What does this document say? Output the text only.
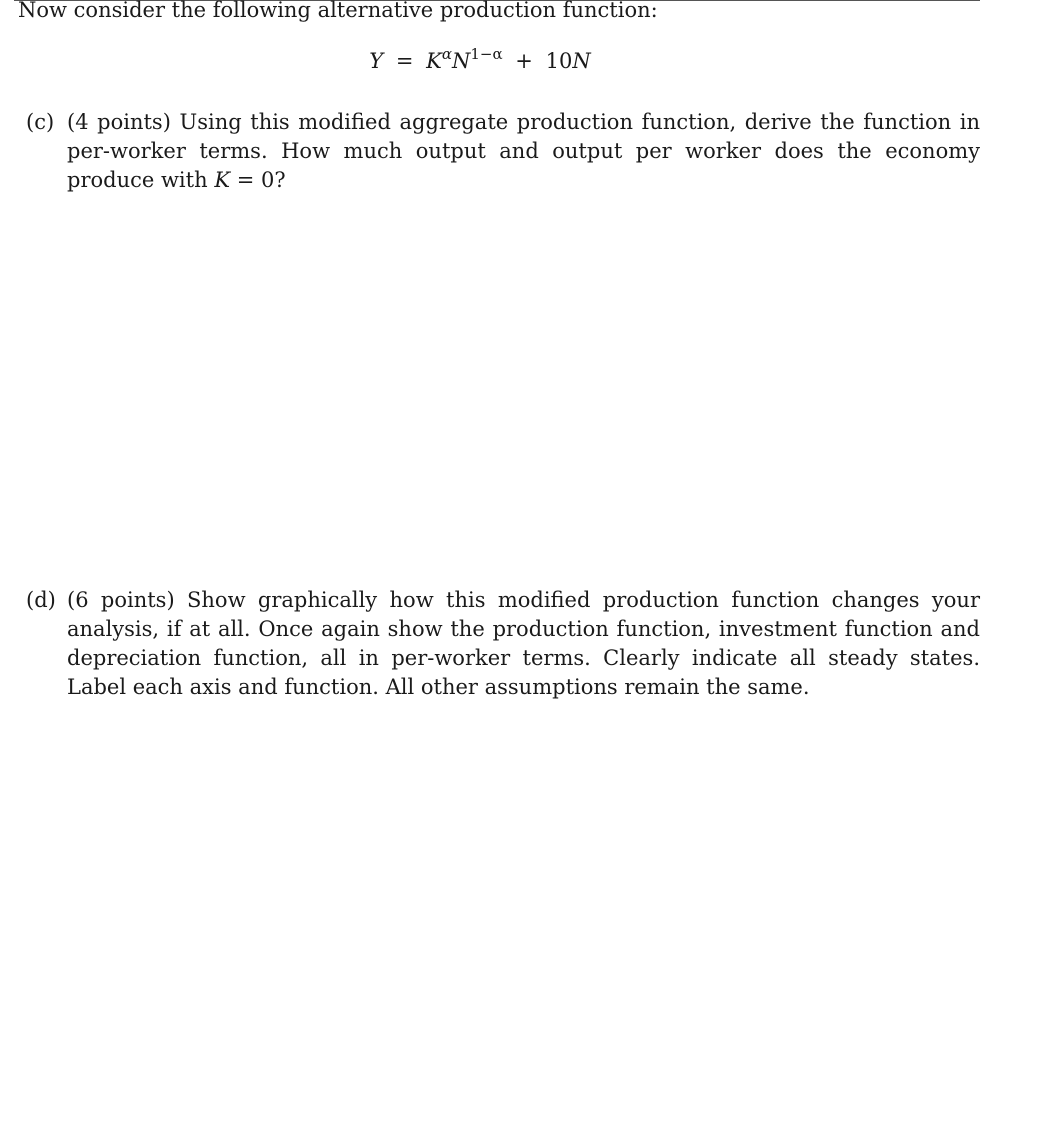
Now consider the following alternative production function:
$Y = K^\alpha N^{1-\alpha} + 10N$
(c) (4 points) Using this modified aggregate production function, derive the function in per-worker terms. How much output and output per worker does the economy produce with K = 0?
(d) (6 points) Show graphically how this modified production function changes your analysis, if at all. Once again show the production function, investment function and depreciation function, all in per-worker terms. Clearly indicate all steady states. Label each axis and function. All other assumptions remain the same.
